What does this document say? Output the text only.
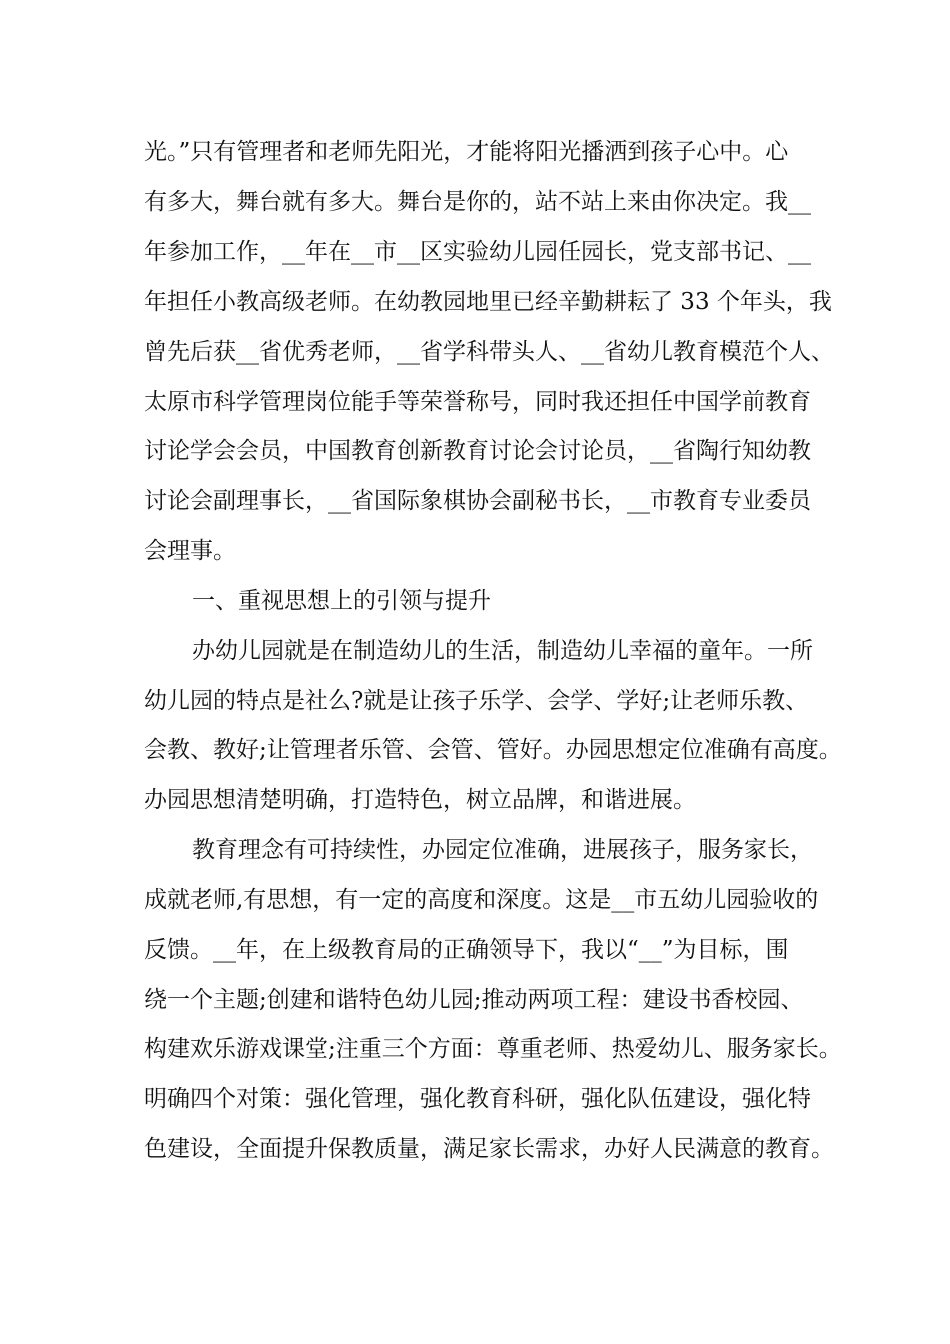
光。”只有管理者和老师先阳光，才能将阳光播洒到孩子心中。心
有多大，舞台就有多大。舞台是你的，站不站上来由你决定。我__
年参加工作，__年在__市__区实验幼儿园任园长，党支部书记、__
年担任小教高级老师。在幼教园地里已经辛勤耕耘了 33 个年头，我
曾先后获__省优秀老师，__省学科带头人、__省幼儿教育模范个人、
太原市科学管理岗位能手等荣誉称号，同时我还担任中国学前教育
讨论学会会员，中国教育创新教育讨论会讨论员，__省陶行知幼教
讨论会副理事长，__省国际象棋协会副秘书长，__市教育专业委员
会理事。
一、重视思想上的引领与提升
办幼儿园就是在制造幼儿的生活，制造幼儿幸福的童年。一所
幼儿园的特点是社么?就是让孩子乐学、会学、学好;让老师乐教、
会教、教好;让管理者乐管、会管、管好。办园思想定位准确有高度。
办园思想清楚明确，打造特色，树立品牌，和谐进展。
教育理念有可持续性，办园定位准确，进展孩子，服务家长，
成就老师,有思想，有一定的高度和深度。这是__市五幼儿园验收的
反馈。__年，在上级教育局的正确领导下，我以“__”为目标，围
绕一个主题;创建和谐特色幼儿园;推动两项工程：建设书香校园、
构建欢乐游戏课堂;注重三个方面：尊重老师、热爱幼儿、服务家长。
明确四个对策：强化管理，强化教育科研，强化队伍建设，强化特
色建设，全面提升保教质量，满足家长需求，办好人民满意的教育。
